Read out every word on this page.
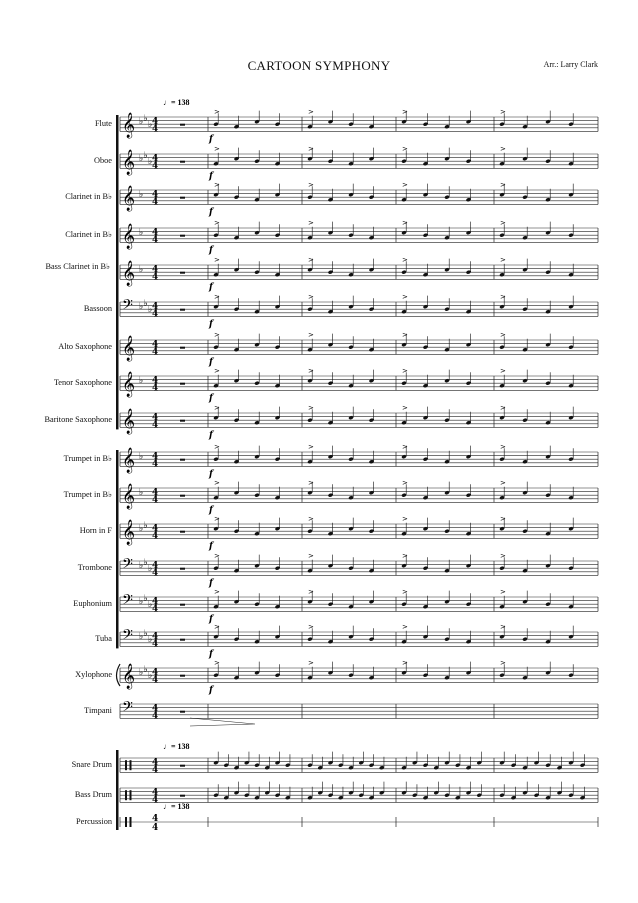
CARTOON SYMPHONY	Arr.: Larry Clark
Flute
Oboe
Clarinet in B♭
Clarinet in B♭
Bass Clarinet in B♭
Bassoon
Alto Saxophone
Tenor Saxophone
Baritone Saxophone
Trumpet in B♭
Trumpet in B♭
Horn in F
Trombone
Euphonium
Tuba
Xylophone
Timpani
Snare Drum
Bass Drum
Percussion
𝄞 ♭ ♭
♭ 4
4
>	>	>	>
f
𝄞 ♭ ♭
♭ 4
4
>	>	>	>
f
𝄞 ♭ 4
4
>	>	>	>
f
𝄞 ♭ 4
4
>	>	>	>
f
𝄞 ♭ 4
4
>	>	>	>
f
𝄢 ♭ ♭
♭ 4
4
>	>	>	>
f
𝄞 4
4
>	>	>	>
f
𝄞 ♭ 4
4
>	>	>	>
f
𝄞 4
4
>	>	>	>
f
𝄞 ♭ 4
4
>	>	>	>
f
𝄞 ♭ 4
4
>	>	>	>
f
𝄞 ♭ ♭ 4
4
>	>	>	>
f
𝄢 ♭ ♭
♭ 4
4
>	>	>	>
f
𝄢 ♭ ♭
♭ 4
4
>	>	>	>
f
𝄢 ♭ ♭
♭ 4
4
>	>	>	>
f
𝄞 ♭ ♭
♭ 4
4
>	>	>	>
f
𝄢 4
4
4
4
4
4
4
4
♩= 138
♩= 138
♩= 138
